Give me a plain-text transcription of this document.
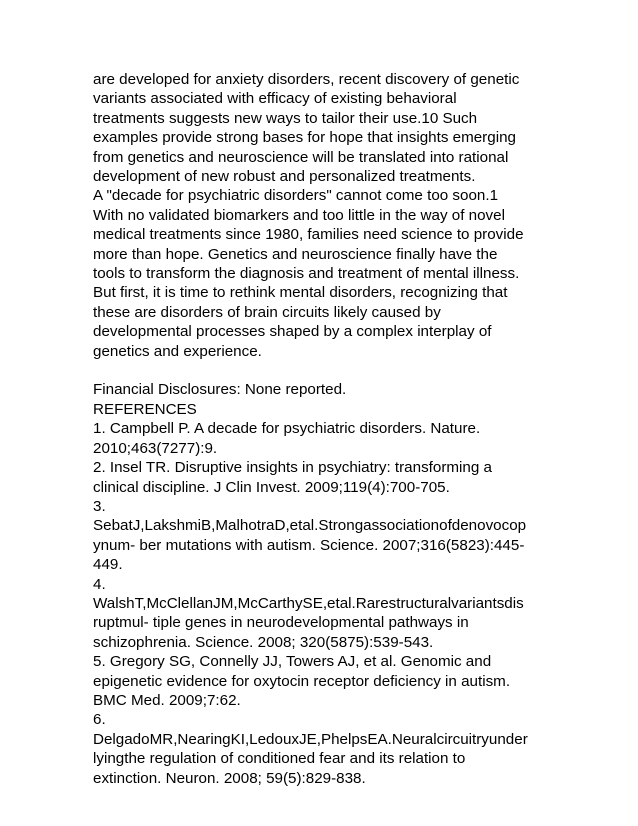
are developed for anxiety disorders, recent discovery of genetic
variants associated with efficacy of existing behavioral
treatments suggests new ways to tailor their use.10 Such
examples provide strong bases for hope that insights emerging
from genetics and neuroscience will be translated into rational
development of new robust and personalized treatments.
A "decade for psychiatric disorders" cannot come too soon.1
With no validated biomarkers and too little in the way of novel
medical treatments since 1980, families need science to provide
more than hope. Genetics and neuroscience finally have the
tools to transform the diagnosis and treatment of mental illness.
But first, it is time to rethink mental disorders, recognizing that
these are disorders of brain circuits likely caused by
developmental processes shaped by a complex interplay of
genetics and experience.
Financial Disclosures: None reported.
REFERENCES
1. Campbell P. A decade for psychiatric disorders. Nature.
2010;463(7277):9.
2. Insel TR. Disruptive insights in psychiatry: transforming a
clinical discipline. J Clin Invest. 2009;119(4):700-705.
3.
SebatJ,LakshmiB,MalhotraD,etal.Strongassociationofdenovocop
ynum- ber mutations with autism. Science. 2007;316(5823):445-
449.
4.
WalshT,McClellanJM,McCarthySE,etal.Rarestructuralvariantsdis
ruptmul- tiple genes in neurodevelopmental pathways in
schizophrenia. Science. 2008; 320(5875):539-543.
5. Gregory SG, Connelly JJ, Towers AJ, et al. Genomic and
epigenetic evidence for oxytocin receptor deficiency in autism.
BMC Med. 2009;7:62.
6.
DelgadoMR,NearingKI,LedouxJE,PhelpsEA.Neuralcircuitryunder
lyingthe regulation of conditioned fear and its relation to
extinction. Neuron. 2008; 59(5):829-838.
